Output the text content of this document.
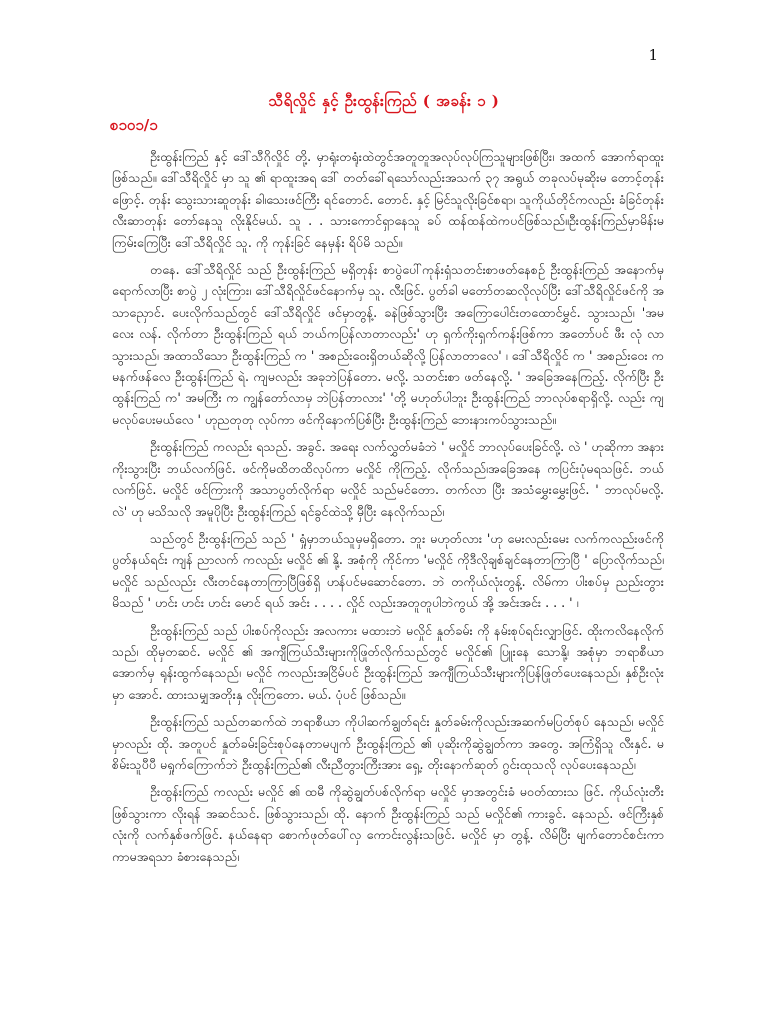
1
သီရိလှိုင် နှင့် ဦးထွန်းကြည် ( အခန်း ၁ )
စ၁၀၁/၁

ဦးထွန်းကြည် နှင့် ဒေါ်သီဂိုလှိုင် တို့. မှာရုံးတရုံးထဲတွင်အတူတူအလုပ်လုပ်ကြသူများဖြစ်ပြီး၊ အထက် အောက်ရာထူးဖြစ်သည်။ ဒေါ်သီရိလှိုင် မှာ သူ ၏ ရာထူးအရ ဒေါ် တတ်ခေါ်ရသော်လည်းအသက် ၃၇ အရွယ် တခုလပ်မုဆိုးမ တောင့်တုန်းဖြောင့်. တုန်း သွေးသားဆူတုန်း ခါ၊သေးဖင်ကြီး ရင်တောင်. တောင်. နှင့် မြင်သူလိုးခြင်စရာ၊ သူကိုယ်တိုင်ကလည်း ခံခြင်တုန်း လီးဆာတုန်း တော်နေသူ လိုးနိုင်မယ်. သူ . . သားကောင်ရှာနေသူ ခပ် ထန်ထန်ထဲကပင်ဖြစ်သည်။ဦးထွန်းကြည်မှာမိန်းမကြမ်းကြေပြီး ဒေါ်သီရိလှိုင် သူ. ကို ကုန်းခြင် နေမှန်း ရိပ်မိ သည်။

တနေ. ဒေါ်သီရိလှိုင် သည် ဦးထွန်းကြည် မရှိတုန်း စာပွဲပေါ်ကုန်းရှံသတင်းစာဖတ်နေစဉ် ဦးထွန်းကြည် အနောက်မှရောက်လာပြီး စာပွဲ ၂ လုံးကြား၊ ဒေါ်သီရိလှိုင်ဖင်နောက်မှ သူ. လီးဖြင်. ပွတ်ခါ မတော်တဆလိုလုပ်ပြီး ဒေါ်သီရိလှိုင်ဖင်ကို အသာညှောင်. ပေးလိုက်သည်တွင် ဒေါ်သီရိလှိုင် ဖင်မှာတွန့်. ခနဲဖြစ်သွားပြီး အကြောပေါင်းတထောင်မွှင်. သွားသည်၊ 'အမလေး လန်. လိုက်တာ ဦးထွန်းကြည် ရယ် ဘယ်ကပြန်လာတာလည်း' ဟု ရှက်ကိုးရှက်ကန်းဖြစ်ကာ အတော်ပင် ဖီး လုံ လာသွားသည်၊ အထာသိသော ဦးထွန်းကြည် က ' အစည်းဝေးရှိတယ်ဆိုလို့ ပြန်လာတာလေ' ၊ ဒေါ်သီရိလှိုင် က ' အစည်းဝေး က မနက်ဖန်လေ ဦးထွန်းကြည် ရဲ. ကျမလည်း အခုဘဲပြန်တော. မလို့. သတင်းစာ ဖတ်နေလို့. ' အခြေအနေကြည့်. လိုက်ပြီး ဦးထွန်းကြည် က' အမကြီး က ကျွန်တော်လာမှ ဘဲပြန်တာလား' 'တို့ မဟုတ်ပါဘူး ဦးထွန်းကြည် ဘာလုပ်စရာရှိလို့. လည်း ကျမလုပ်ပေးမယ်လေ ' ဟုညတုတု လုပ်ကာ ဖင်ကိုနောက်ပြစ်ပြီး ဦးထွန်းကြည် ဘေးနားကပ်သွားသည်။

ဦးထွန်းကြည် ကလည်း ရသည်. အခွင်. အရေး လက်လွှတ်မခံဘဲ ' မလှိုင် ဘာလုပ်ပေးခြင်လို့. လဲ ' ဟုဆိုကာ အနားကိုးသွားပြီး ဘယ်လက်ဖြင်. ဖင်ကိုမထိတထိလုပ်ကာ မလှိုင် ကိုကြည့်. လိုက်သည်၊အခြေအနေ ကပြင်းပုံမရသဖြင်. ဘယ်လက်ဖြင်. မလှိုင် ဖင်ကြားကို အသာပွတ်လိုက်ရာ မလှိုင် သည်မင်တော. တက်လာ ပြီး အသံမွှေးမွှေးဖြင်. ' ဘာလုပ်မလို့. လဲ' ဟု မသိသလို အမူပိုပြီး ဦးထွန်းကြည် ရင်ခွင်ထဲသို့ မှီပြီး နေလိုက်သည်၊

သည်တွင် ဦးထွန်းကြည် သည် ' ရှုံမှာဘယ်သူမှမရှိတော. ဘူး မဟုတ်လား 'ဟု မေးလည်းမေး လက်ကလည်းဖင်ကိုပွတ်နယ်ရင်း ကျန် ညာလက် ကလည်း မလှိုင် ၏ နို့. အစုံကို ကိုင်ကာ 'မလှိုင် ကိုဒီလိုချစ်ချင်နေတာကြာပြီ ' ပြောလိုက်သည်၊ မလှိုင် သည်လည်း လီးတင်နေတာကြာပြီဖြစ်ရှိ ဟန်ပင်မဆောင်တော. ဘဲ တကိုယ်လုံးတွန့်. လိမ်ကာ ပါးစပ်မှ ညည်းတွားမိသည် ' ဟင်း ဟင်း ဟင်း မောင် ရယ် အင်း . . . . လှိုင် လည်းအတူတူပါဘဲကွယ် အို့ အင်းအင်း . . . ' ၊

ဦးထွန်းကြည် သည် ပါးစပ်ကိုလည်း အလကား မထားဘဲ မလှိုင် နှုတ်ခမ်း ကို နမ်းစုပ်ရင်းလျှာဖြင်. ထိုးကလိနေလိုက်သည်၊ ထိုမှတဆင်. မလှိုင် ၏ အကျီကြယ်သီးများကိုဖြုတ်လိုက်သည်တွင် မလှိုင်၏ ပြူးနေ သောနို့၊ အစုံမှာ ဘရာစီယာအောက်မှ ရုန်းထွက်နေသည်၊ မလှိုင် ကလည်းအငြိမ်ပင် ဦးထွန်းကြည် အကျီကြယ်သီးများကိုပြန်ဖြုတ်ပေးနေသည်၊ နှစ်ဦးလုံးမှာ အောင်. ထားသမျှအတိုးနှ လိုးကြတော. မယ်. ပုံပင် ဖြစ်သည်။

ဦးထွန်းကြည် သည်တဆက်ထဲ ဘရာစီယာ ကိုပါဆက်ချွတ်ရင်း နှုတ်ခမ်းကိုလည်းအဆက်မပြတ်စုပ် နေသည်၊ မလှိုင် မှာလည်း ထို. အတူပင် နှုတ်ခမ်းခြင်းစုပ်နေတာမပျက် ဦးထွန်းကြည် ၏ ပုဆိုးကိုဆွဲချွတ်ကာ အတွေ. အကြံရှိသူ လီးနှင်. မစိမ်းသူပီပီ မရှုက်ကြောက်ဘဲ ဦးထွန်းကြည်၏ လီးညီတွားကြီးအား ရှေ့. တိုးနောက်ဆုတ် ဂွင်းထုသလို လုပ်ပေးနေသည်၊

ဦးထွန်းကြည် ကလည်း မလှိုင် ၏ ထမီ ကိုဆွဲချွတ်ပစ်လိုက်ရာ မလှိုင် မှာအတွင်းခံ မဝတ်ထားသ ဖြင်. ကိုယ်လုံးတီးဖြစ်သွားကာ လိုးရန် အဆင်သင်. ဖြစ်သွားသည်၊ ထို. နောက် ဦးထွန်းကြည် သည် မလှိုင်၏ ကားခွင်. နေသည်. ဖင်ကြီးနှစ်လုံးကို လက်နှစ်ဖက်ဖြင်. နယ်နေရာ စောက်ဖုတ်ပေါ်လှ ကောင်းလွန်းသဖြင်. မလှိုင် မှာ တွန့်. လိမ်ပြီး မျက်တောင်စင်းကာ ကာမအရသာ ခံစားနေသည်၊
